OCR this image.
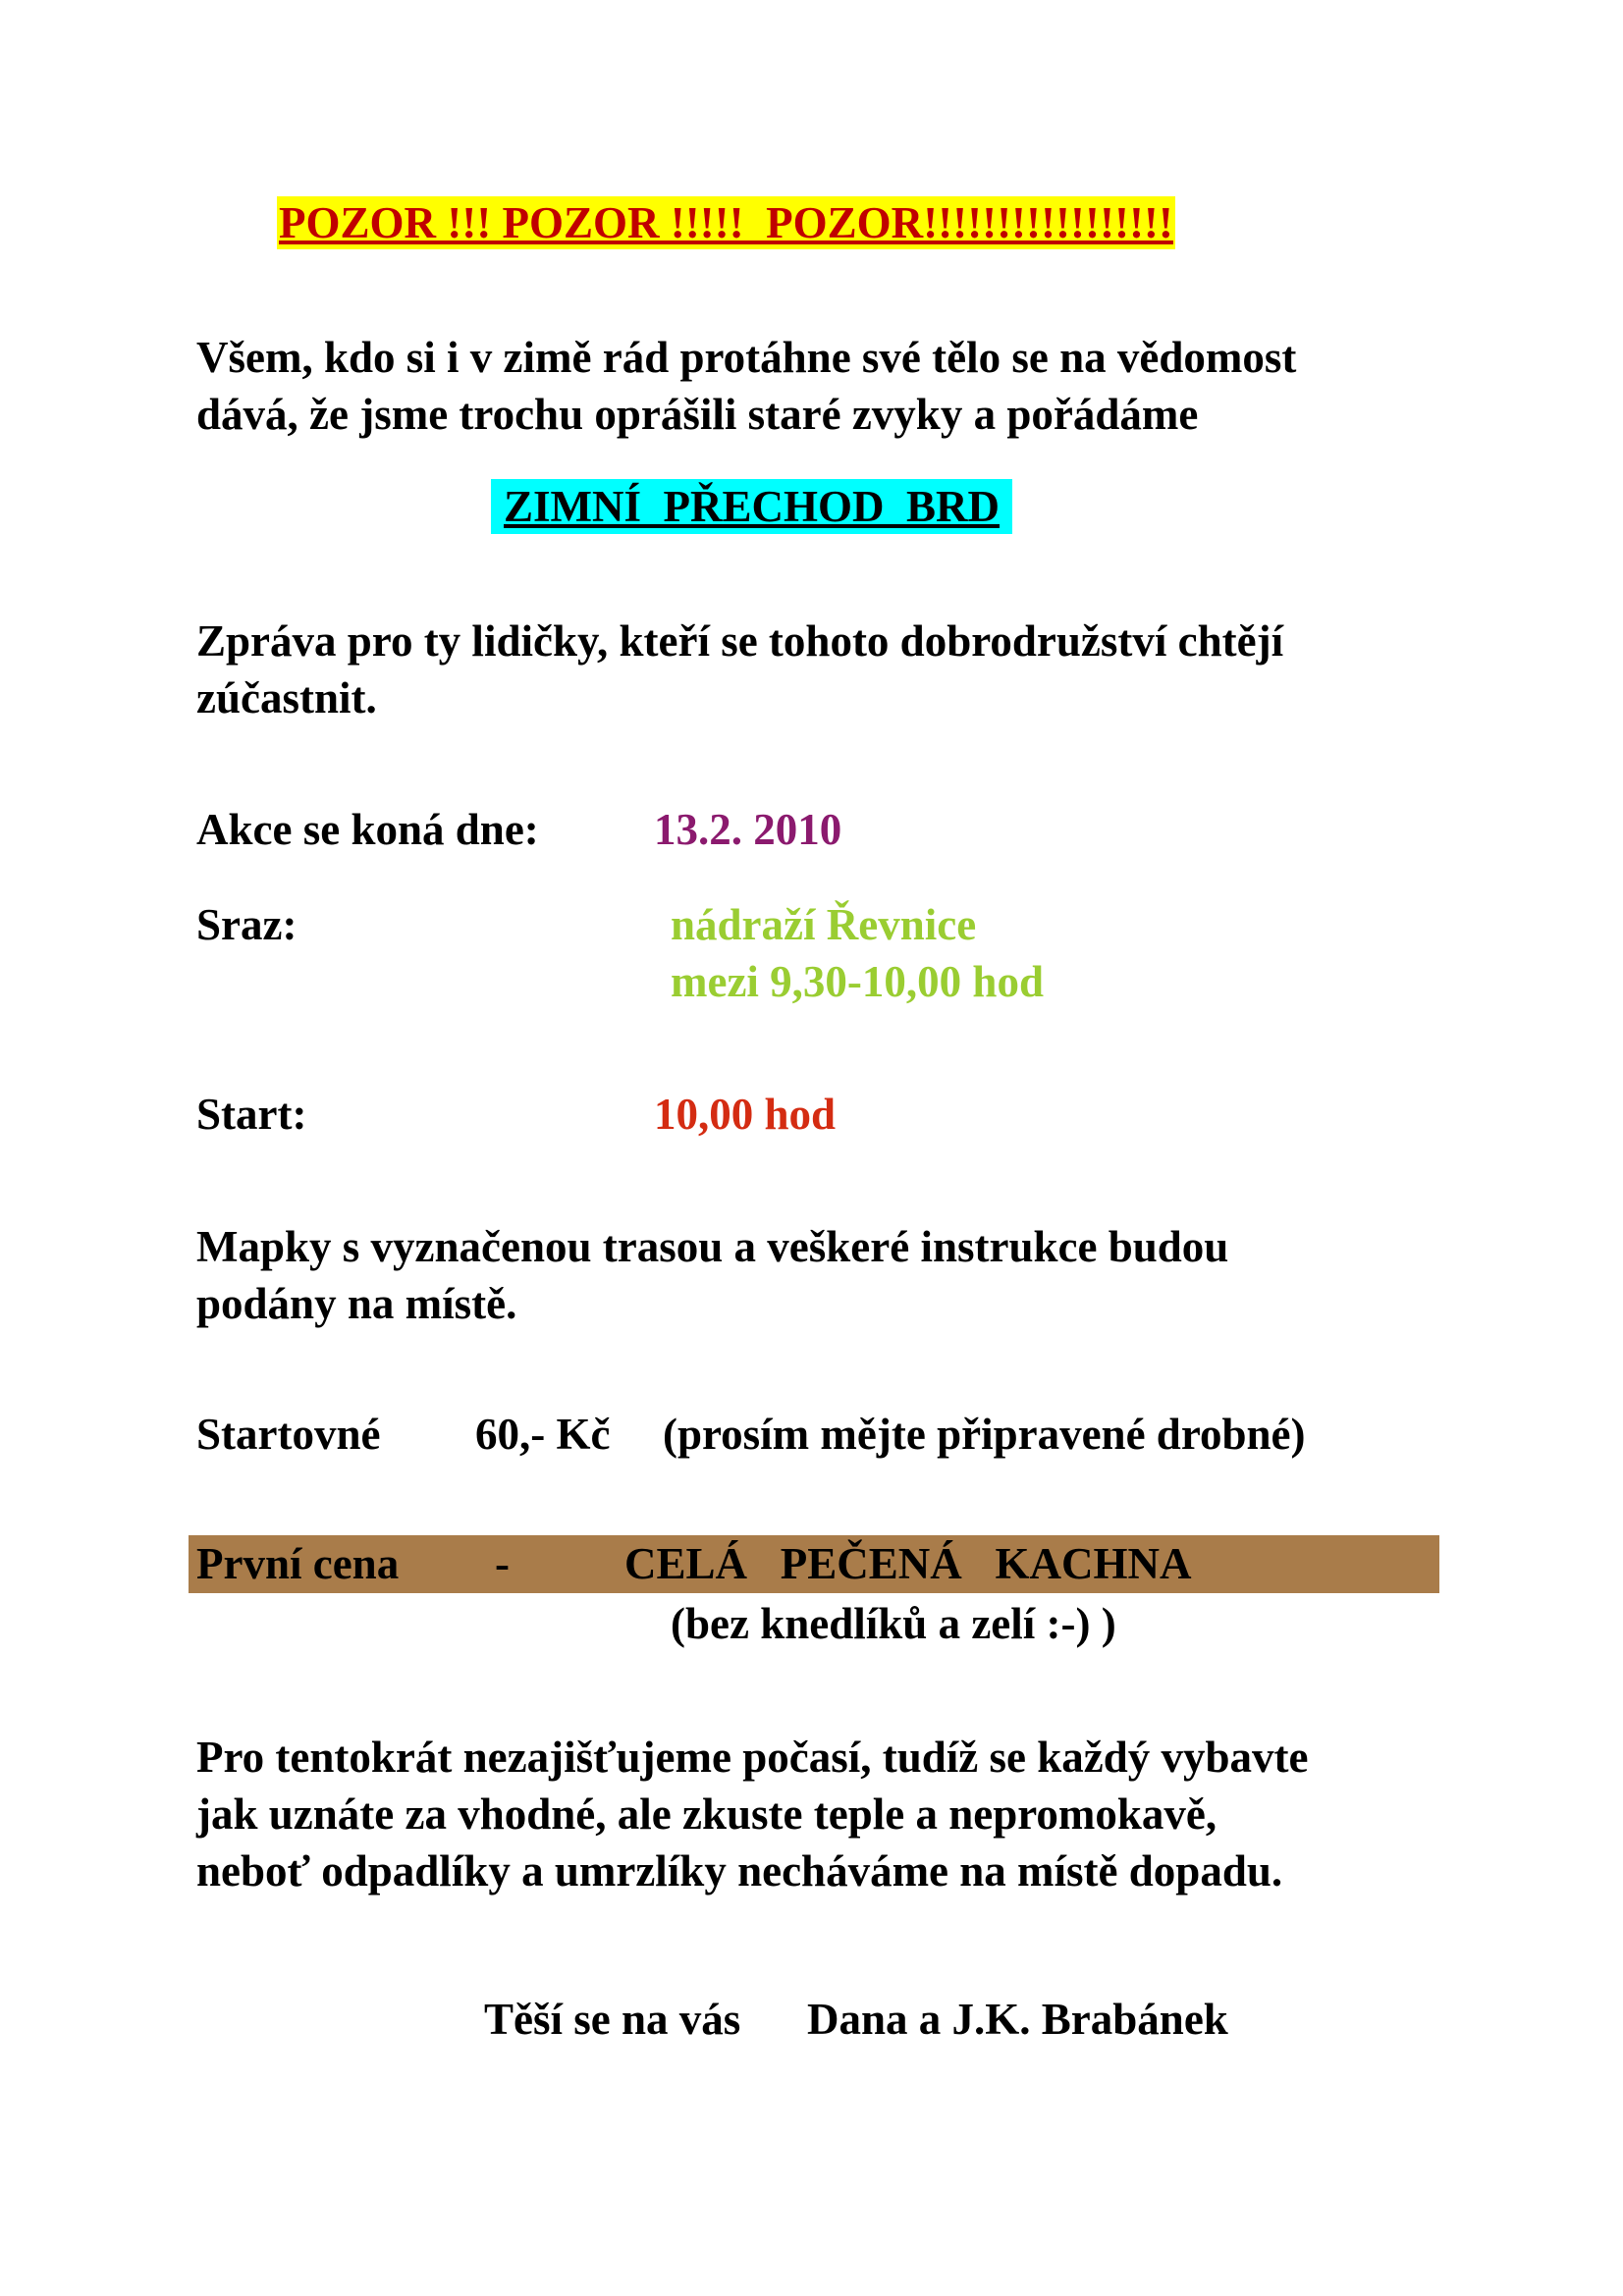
POZOR !!! POZOR !!!!!  POZOR!!!!!!!!!!!!!!!!!
Všem, kdo si i v zimě rád protáhne své tělo se na vědomost
dává, že jsme trochu oprášili staré zvyky a pořádáme
ZIMNÍ  PŘECHOD  BRD
Zpráva pro ty lidičky, kteří se tohoto dobrodružství chtějí
zúčastnit.
Akce se koná dne:	13.2. 2010
Sraz:	nádraží Řevnice
mezi 9,30-10,00 hod
Start:	10,00 hod
Mapky s vyznačenou trasou a veškeré instrukce budou
podány na místě.
Startovné 60,- Kč (prosím mějte připravené drobné)
První cena -	CELÁ   PEČENÁ   KACHNA
(bez knedlíků a zelí :-) )
Pro tentokrát nezajišťujeme počasí, tudíž se každý vybavte
jak uznáte za vhodné, ale zkuste teple a nepromokavě,
neboť odpadlíky a umrzlíky necháváme na místě dopadu.
Těší se na vás Dana a J.K. Brabánek
